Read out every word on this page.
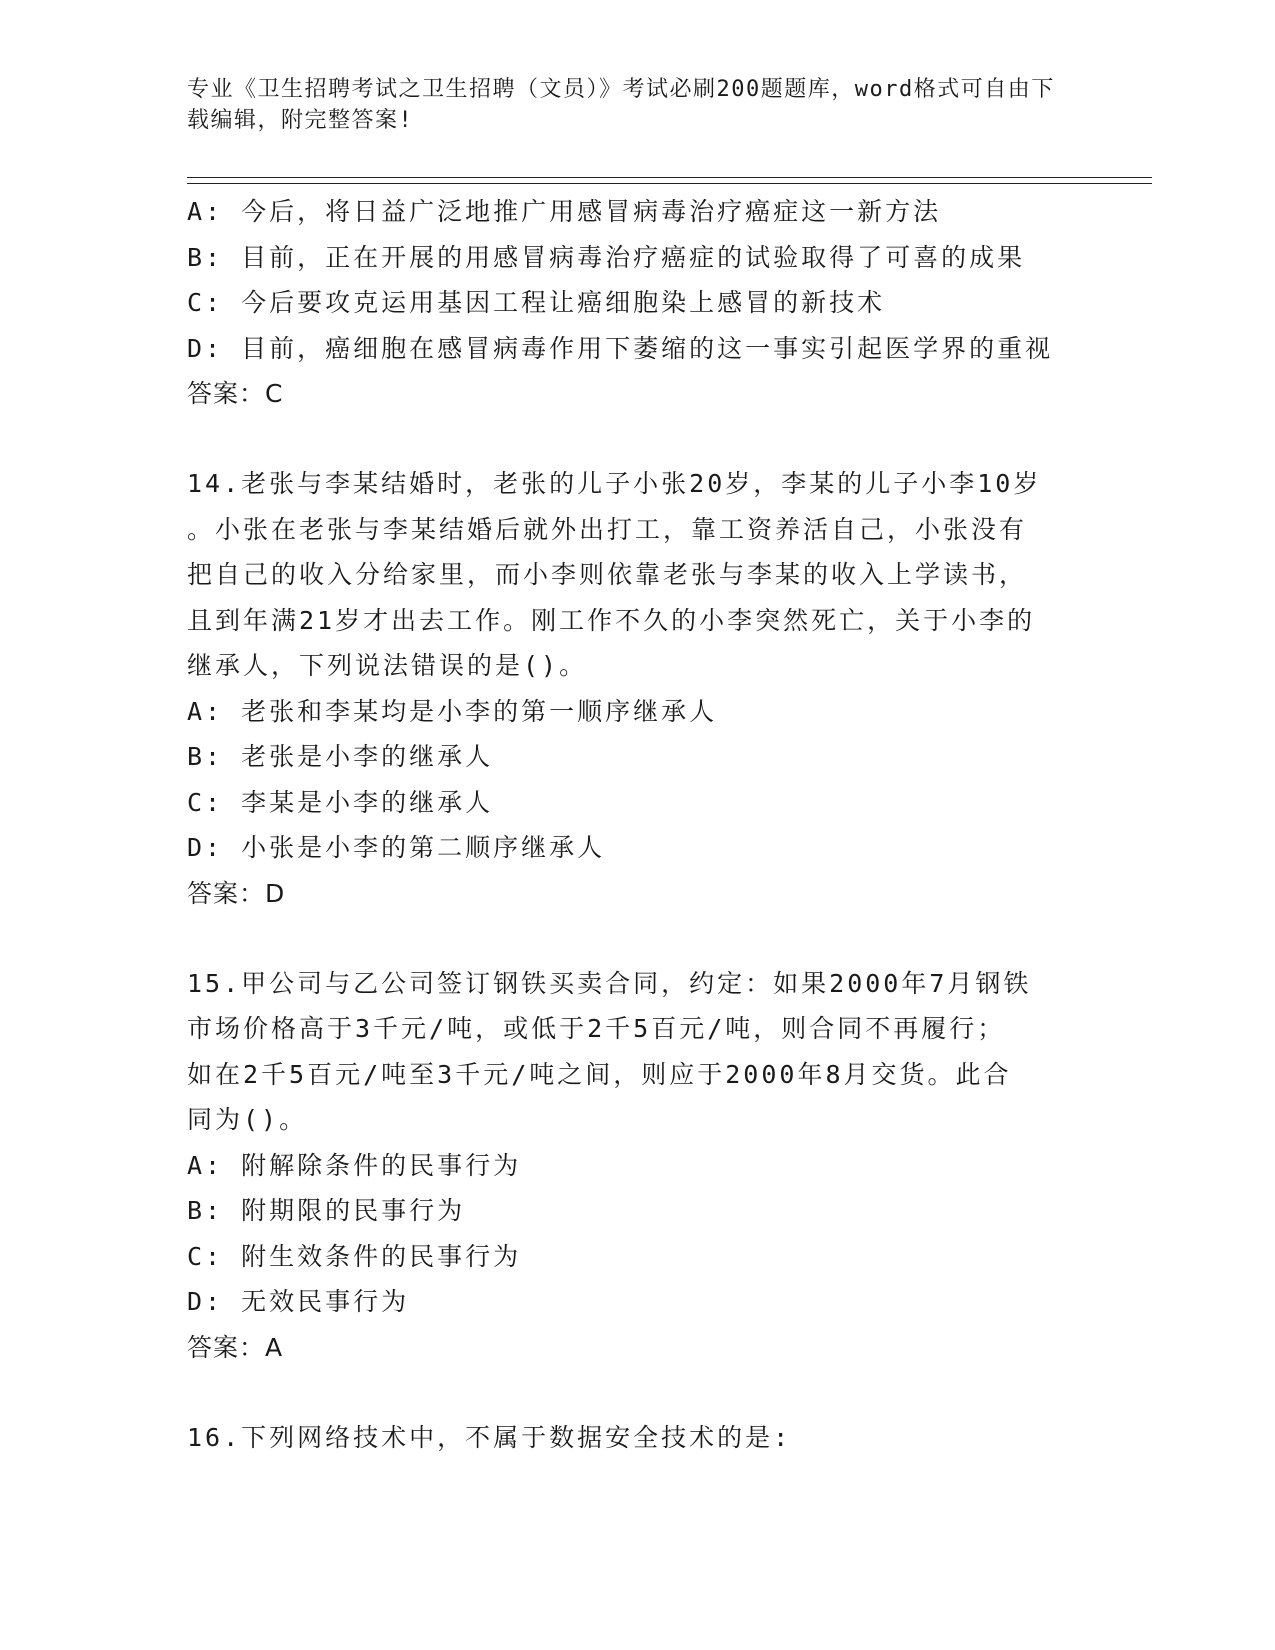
专业《卫生招聘考试之卫生招聘（文员）》考试必刷200题题库，word格式可自由下载编辑，附完整答案!
A: 今后，将日益广泛地推广用感冒病毒治疗癌症这一新方法
B: 目前，正在开展的用感冒病毒治疗癌症的试验取得了可喜的成果
C: 今后要攻克运用基因工程让癌细胞染上感冒的新技术
D: 目前，癌细胞在感冒病毒作用下萎缩的这一事实引起医学界的重视
答案：C
14.老张与李某结婚时，老张的儿子小张20岁，李某的儿子小李10岁
。小张在老张与李某结婚后就外出打工，靠工资养活自己，小张没有
把自己的收入分给家里，而小李则依靠老张与李某的收入上学读书，
且到年满21岁才出去工作。刚工作不久的小李突然死亡，关于小李的
继承人，下列说法错误的是()。
A: 老张和李某均是小李的第一顺序继承人
B: 老张是小李的继承人
C: 李某是小李的继承人
D: 小张是小李的第二顺序继承人
答案：D
15.甲公司与乙公司签订钢铁买卖合同，约定：如果2000年7月钢铁
市场价格高于3千元/吨，或低于2千5百元/吨，则合同不再履行；
如在2千5百元/吨至3千元/吨之间，则应于2000年8月交货。此合
同为()。
A: 附解除条件的民事行为
B: 附期限的民事行为
C: 附生效条件的民事行为
D: 无效民事行为
答案：A
16.下列网络技术中，不属于数据安全技术的是:
